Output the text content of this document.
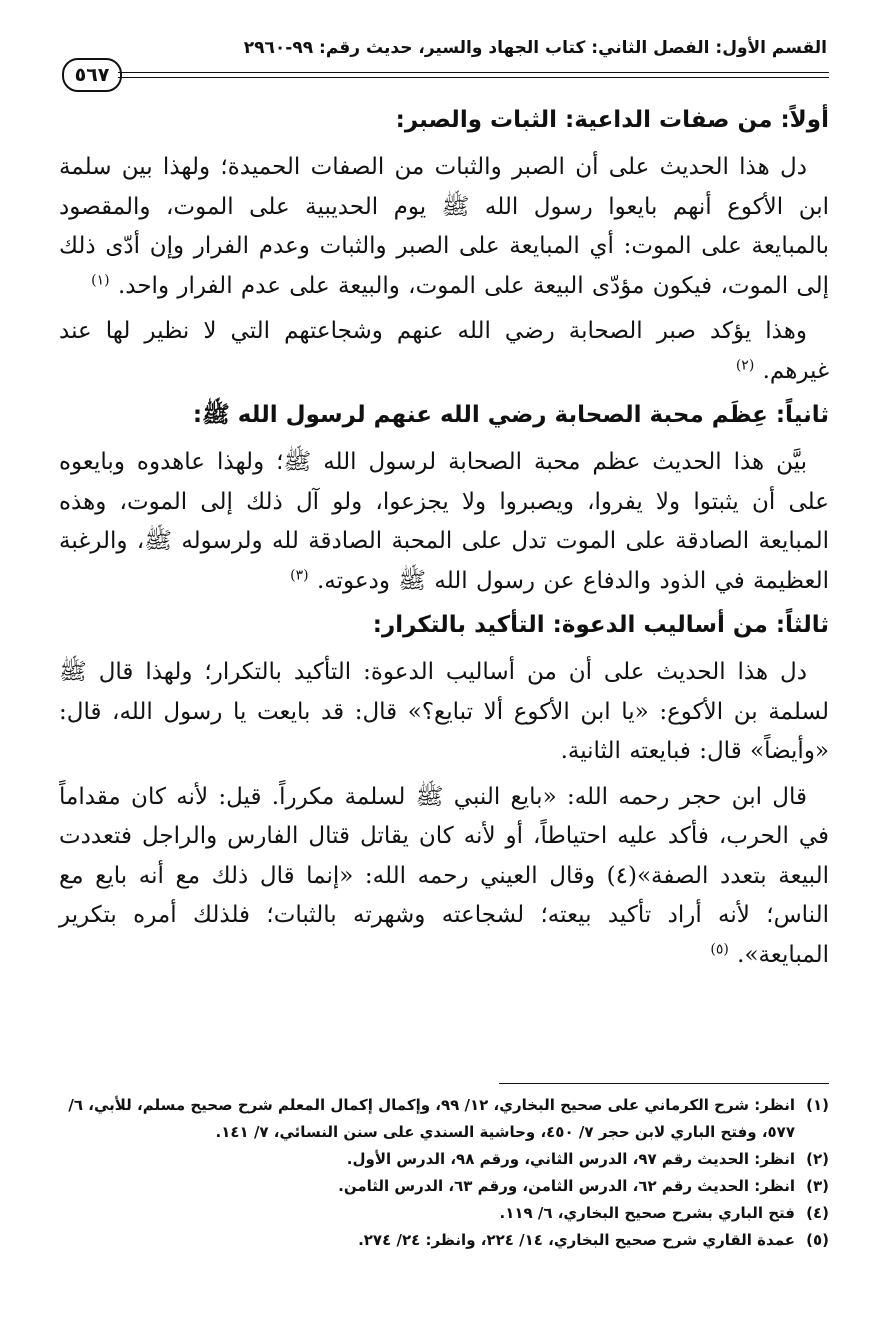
القسم الأول: الفصل الثاني: كتاب الجهاد والسير، حديث رقم: ٩٩-٢٩٦٠
٥٦٧
أولاً: من صفات الداعية: الثبات والصبر:

دل هذا الحديث على أن الصبر والثبات من الصفات الحميدة؛ ولهذا بين سلمة ابن الأكوع أنهم بايعوا رسول الله ﷺ يوم الحديبية على الموت، والمقصود بالمبايعة على الموت: أي المبايعة على الصبر والثبات وعدم الفرار وإن أدّى ذلك إلى الموت، فيكون مؤدّى البيعة على الموت، والبيعة على عدم الفرار واحد. $^{(١)}$

وهذا يؤكد صبر الصحابة رضي الله عنهم وشجاعتهم التي لا نظير لها عند غيرهم. $^{(٢)}$

ثانياً: عِظَم محبة الصحابة رضي الله عنهم لرسول الله ﷺ:

بيَّن هذا الحديث عظم محبة الصحابة لرسول الله ﷺ؛ ولهذا عاهدوه وبايعوه على أن يثبتوا ولا يفروا، ويصبروا ولا يجزعوا، ولو آل ذلك إلى الموت، وهذه المبايعة الصادقة على الموت تدل على المحبة الصادقة لله ولرسوله ﷺ، والرغبة العظيمة في الذود والدفاع عن رسول الله ﷺ ودعوته. $^{(٣)}$

ثالثاً: من أساليب الدعوة: التأكيد بالتكرار:

دل هذا الحديث على أن من أساليب الدعوة: التأكيد بالتكرار؛ ولهذا قال ﷺ لسلمة بن الأكوع: «يا ابن الأكوع ألا تبايع؟» قال: قد بايعت يا رسول الله، قال: «وأيضاً» قال: فبايعته الثانية.

قال ابن حجر رحمه الله: «بايع النبي ﷺ لسلمة مكرراً. قيل: لأنه كان مقداماً في الحرب، فأكد عليه احتياطاً، أو لأنه كان يقاتل قتال الفارس والراجل فتعددت البيعة بتعدد الصفة»(٤) وقال العيني رحمه الله: «إنما قال ذلك مع أنه بايع مع الناس؛ لأنه أراد تأكيد بيعته؛ لشجاعته وشهرته بالثبات؛ فلذلك أمره بتكرير المبايعة». $^{(٥)}$

(١)
انظر: شرح الكرماني على صحيح البخاري، ١٢/ ٩٩، وإكمال إكمال المعلم شرح صحيح مسلم، للأبي، ٦/ ٥٧٧، وفتح الباري لابن حجر ٧/ ٤٥٠، وحاشية السندي على سنن النسائي، ٧/ ١٤١.
(٢)
انظر: الحديث رقم ٩٧، الدرس الثاني، ورقم ٩٨، الدرس الأول.
(٣)
انظر: الحديث رقم ٦٢، الدرس الثامن، ورقم ٦٣، الدرس الثامن.
(٤)
فتح الباري بشرح صحيح البخاري، ٦/ ١١٩.
(٥)
عمدة القاري شرح صحيح البخاري، ١٤/ ٢٢٤، وانظر: ٢٤/ ٢٧٤.
